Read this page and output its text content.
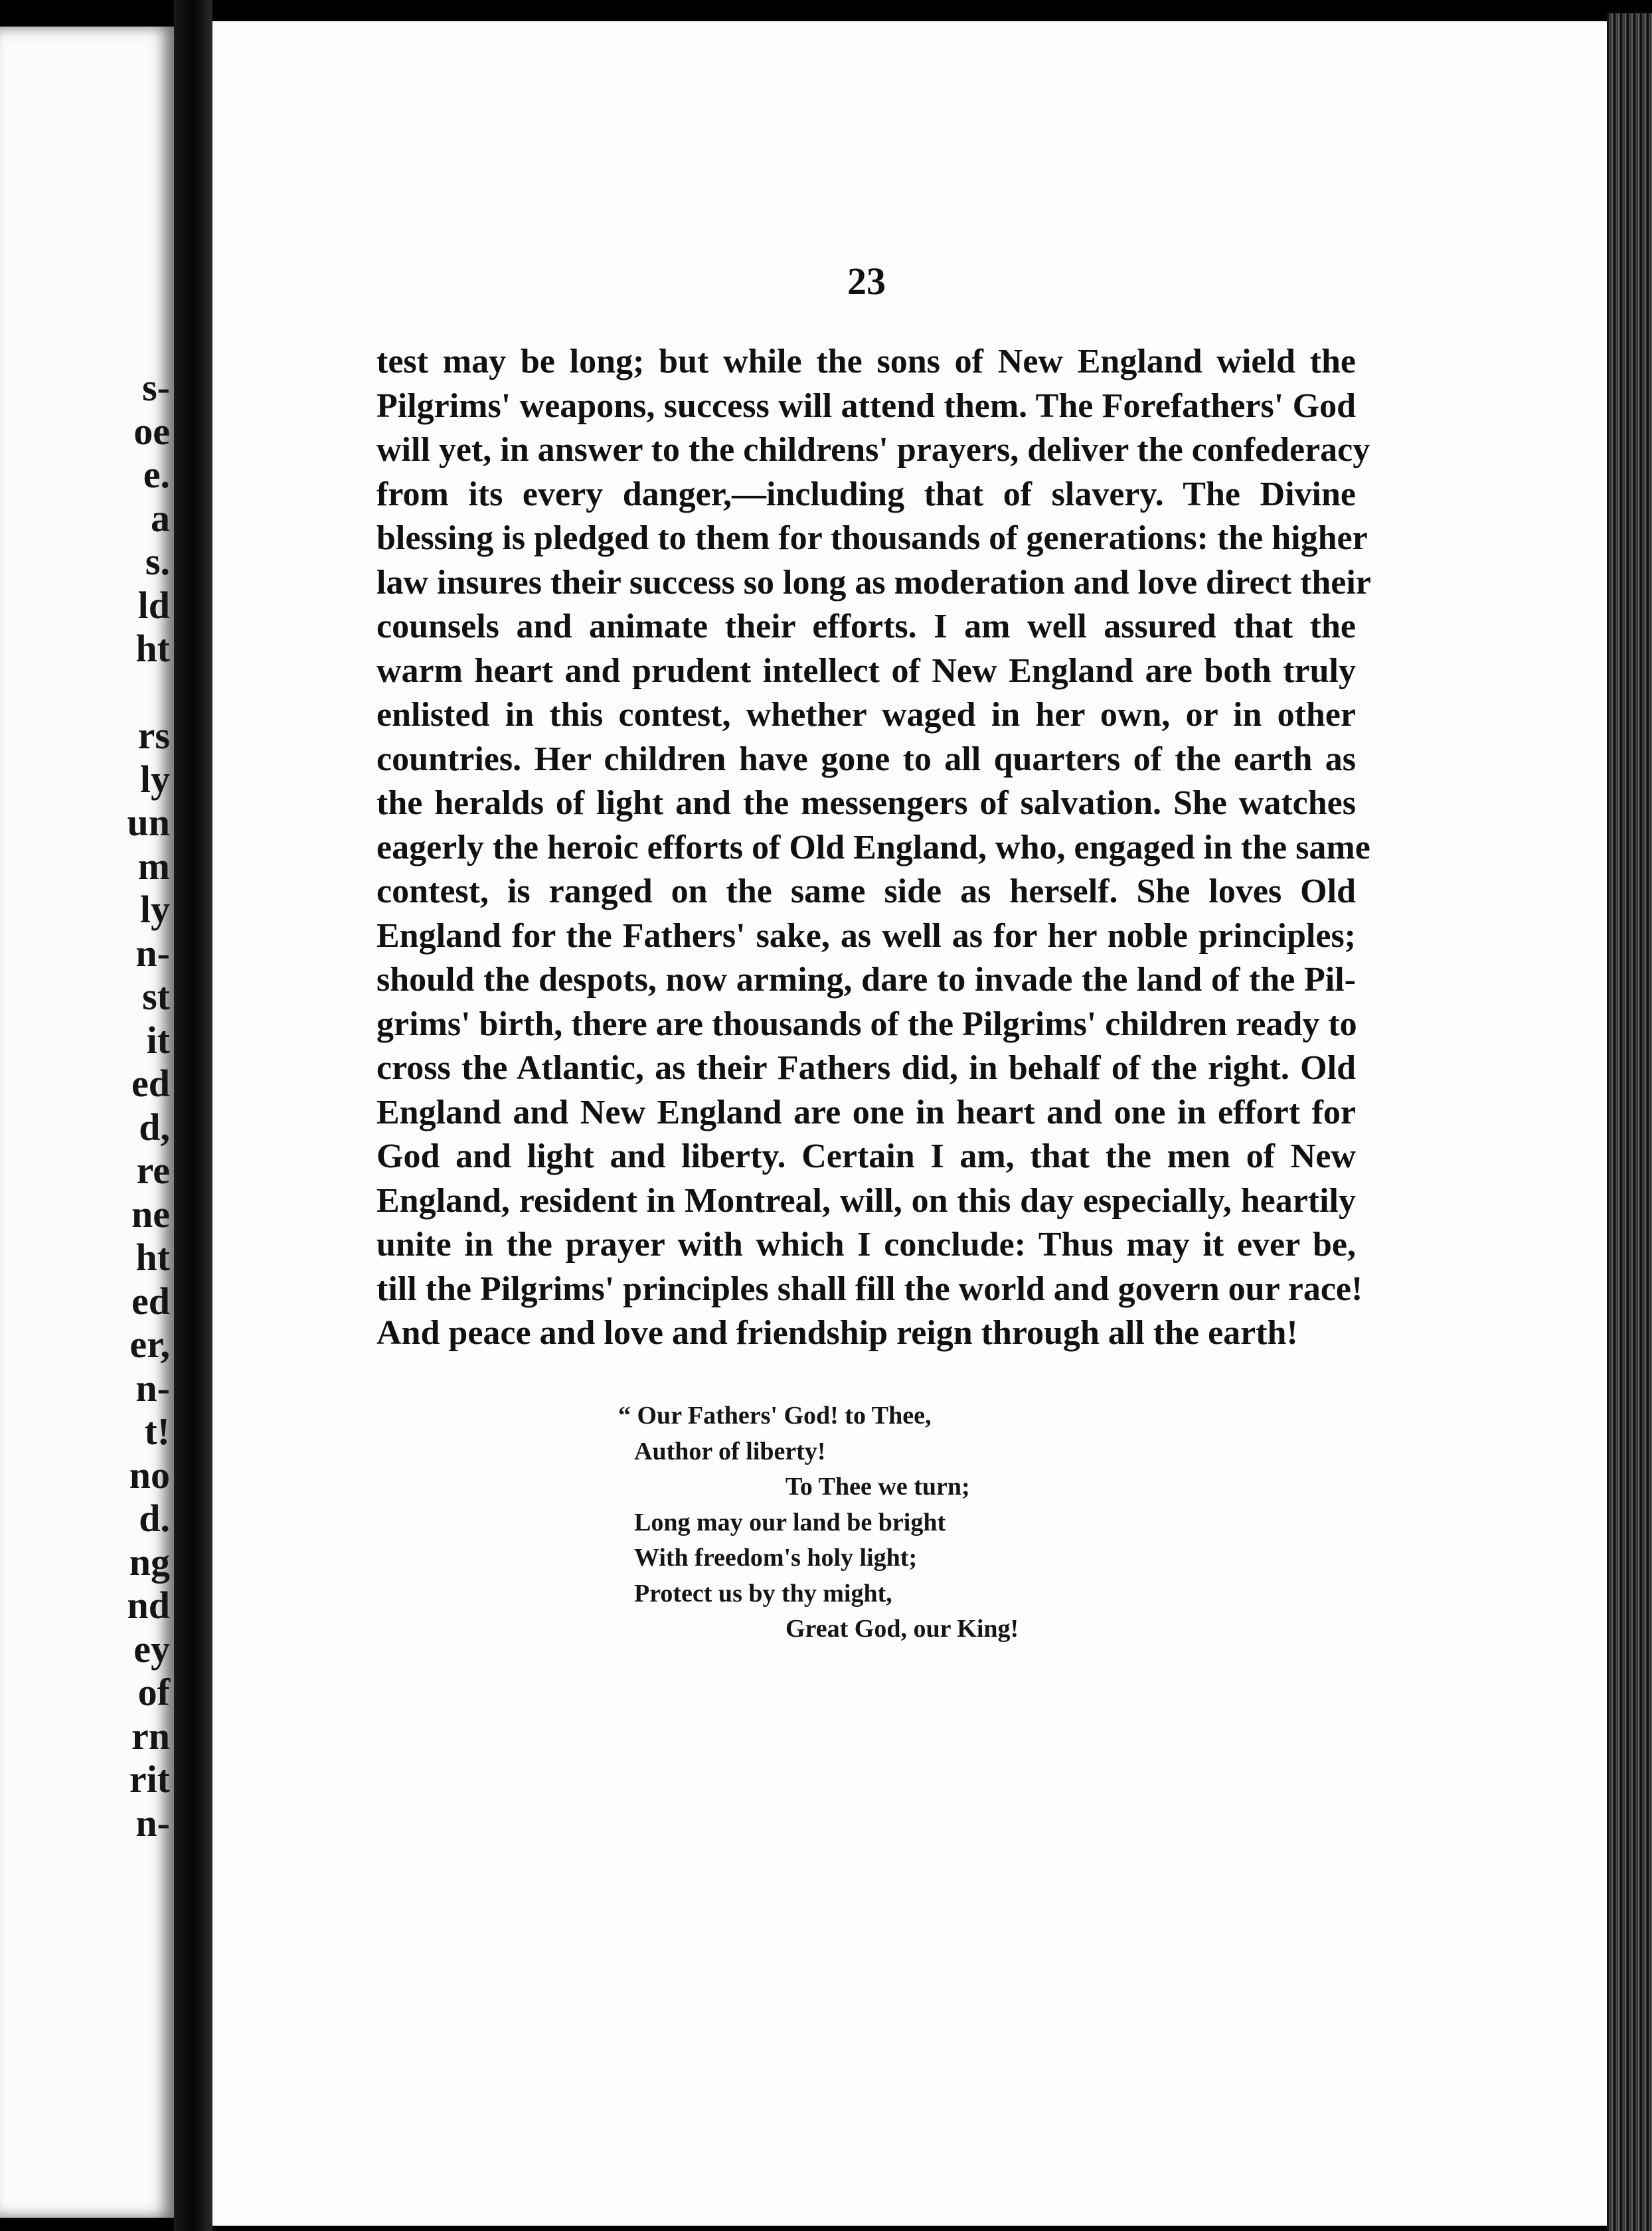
s-

oe

e.

a

s.

ld

ht

rs

ly

un

m

ly

n-

st

it

ed

d,

re

ne

ht

ed

er,

n-

t!

no

d.

ng

nd

ey

of

rn

rit

n-

23
test may be long; but while the sons of New England wield the
Pilgrims' weapons, success will attend them. The Forefathers' God
will yet, in answer to the childrens' prayers, deliver the confederacy
from its every danger,—including that of slavery. The Divine
blessing is pledged to them for thousands of generations: the higher
law insures their success so long as moderation and love direct their
counsels and animate their efforts. I am well assured that the
warm heart and prudent intellect of New England are both truly
enlisted in this contest, whether waged in her own, or in other
countries. Her children have gone to all quarters of the earth as
the heralds of light and the messengers of salvation. She watches
eagerly the heroic efforts of Old England, who, engaged in the same
contest, is ranged on the same side as herself. She loves Old
England for the Fathers' sake, as well as for her noble principles;
should the despots, now arming, dare to invade the land of the Pil-
grims' birth, there are thousands of the Pilgrims' children ready to
cross the Atlantic, as their Fathers did, in behalf of the right. Old
England and New England are one in heart and one in effort for
God and light and liberty. Certain I am, that the men of New
England, resident in Montreal, will, on this day especially, heartily
unite in the prayer with which I conclude: Thus may it ever be,
till the Pilgrims' principles shall fill the world and govern our race!
And peace and love and friendship reign through all the earth!
“ Our Fathers' God! to Thee,
Author of liberty!
To Thee we turn;
Long may our land be bright
With freedom's holy light;
Protect us by thy might,
Great God, our King!
